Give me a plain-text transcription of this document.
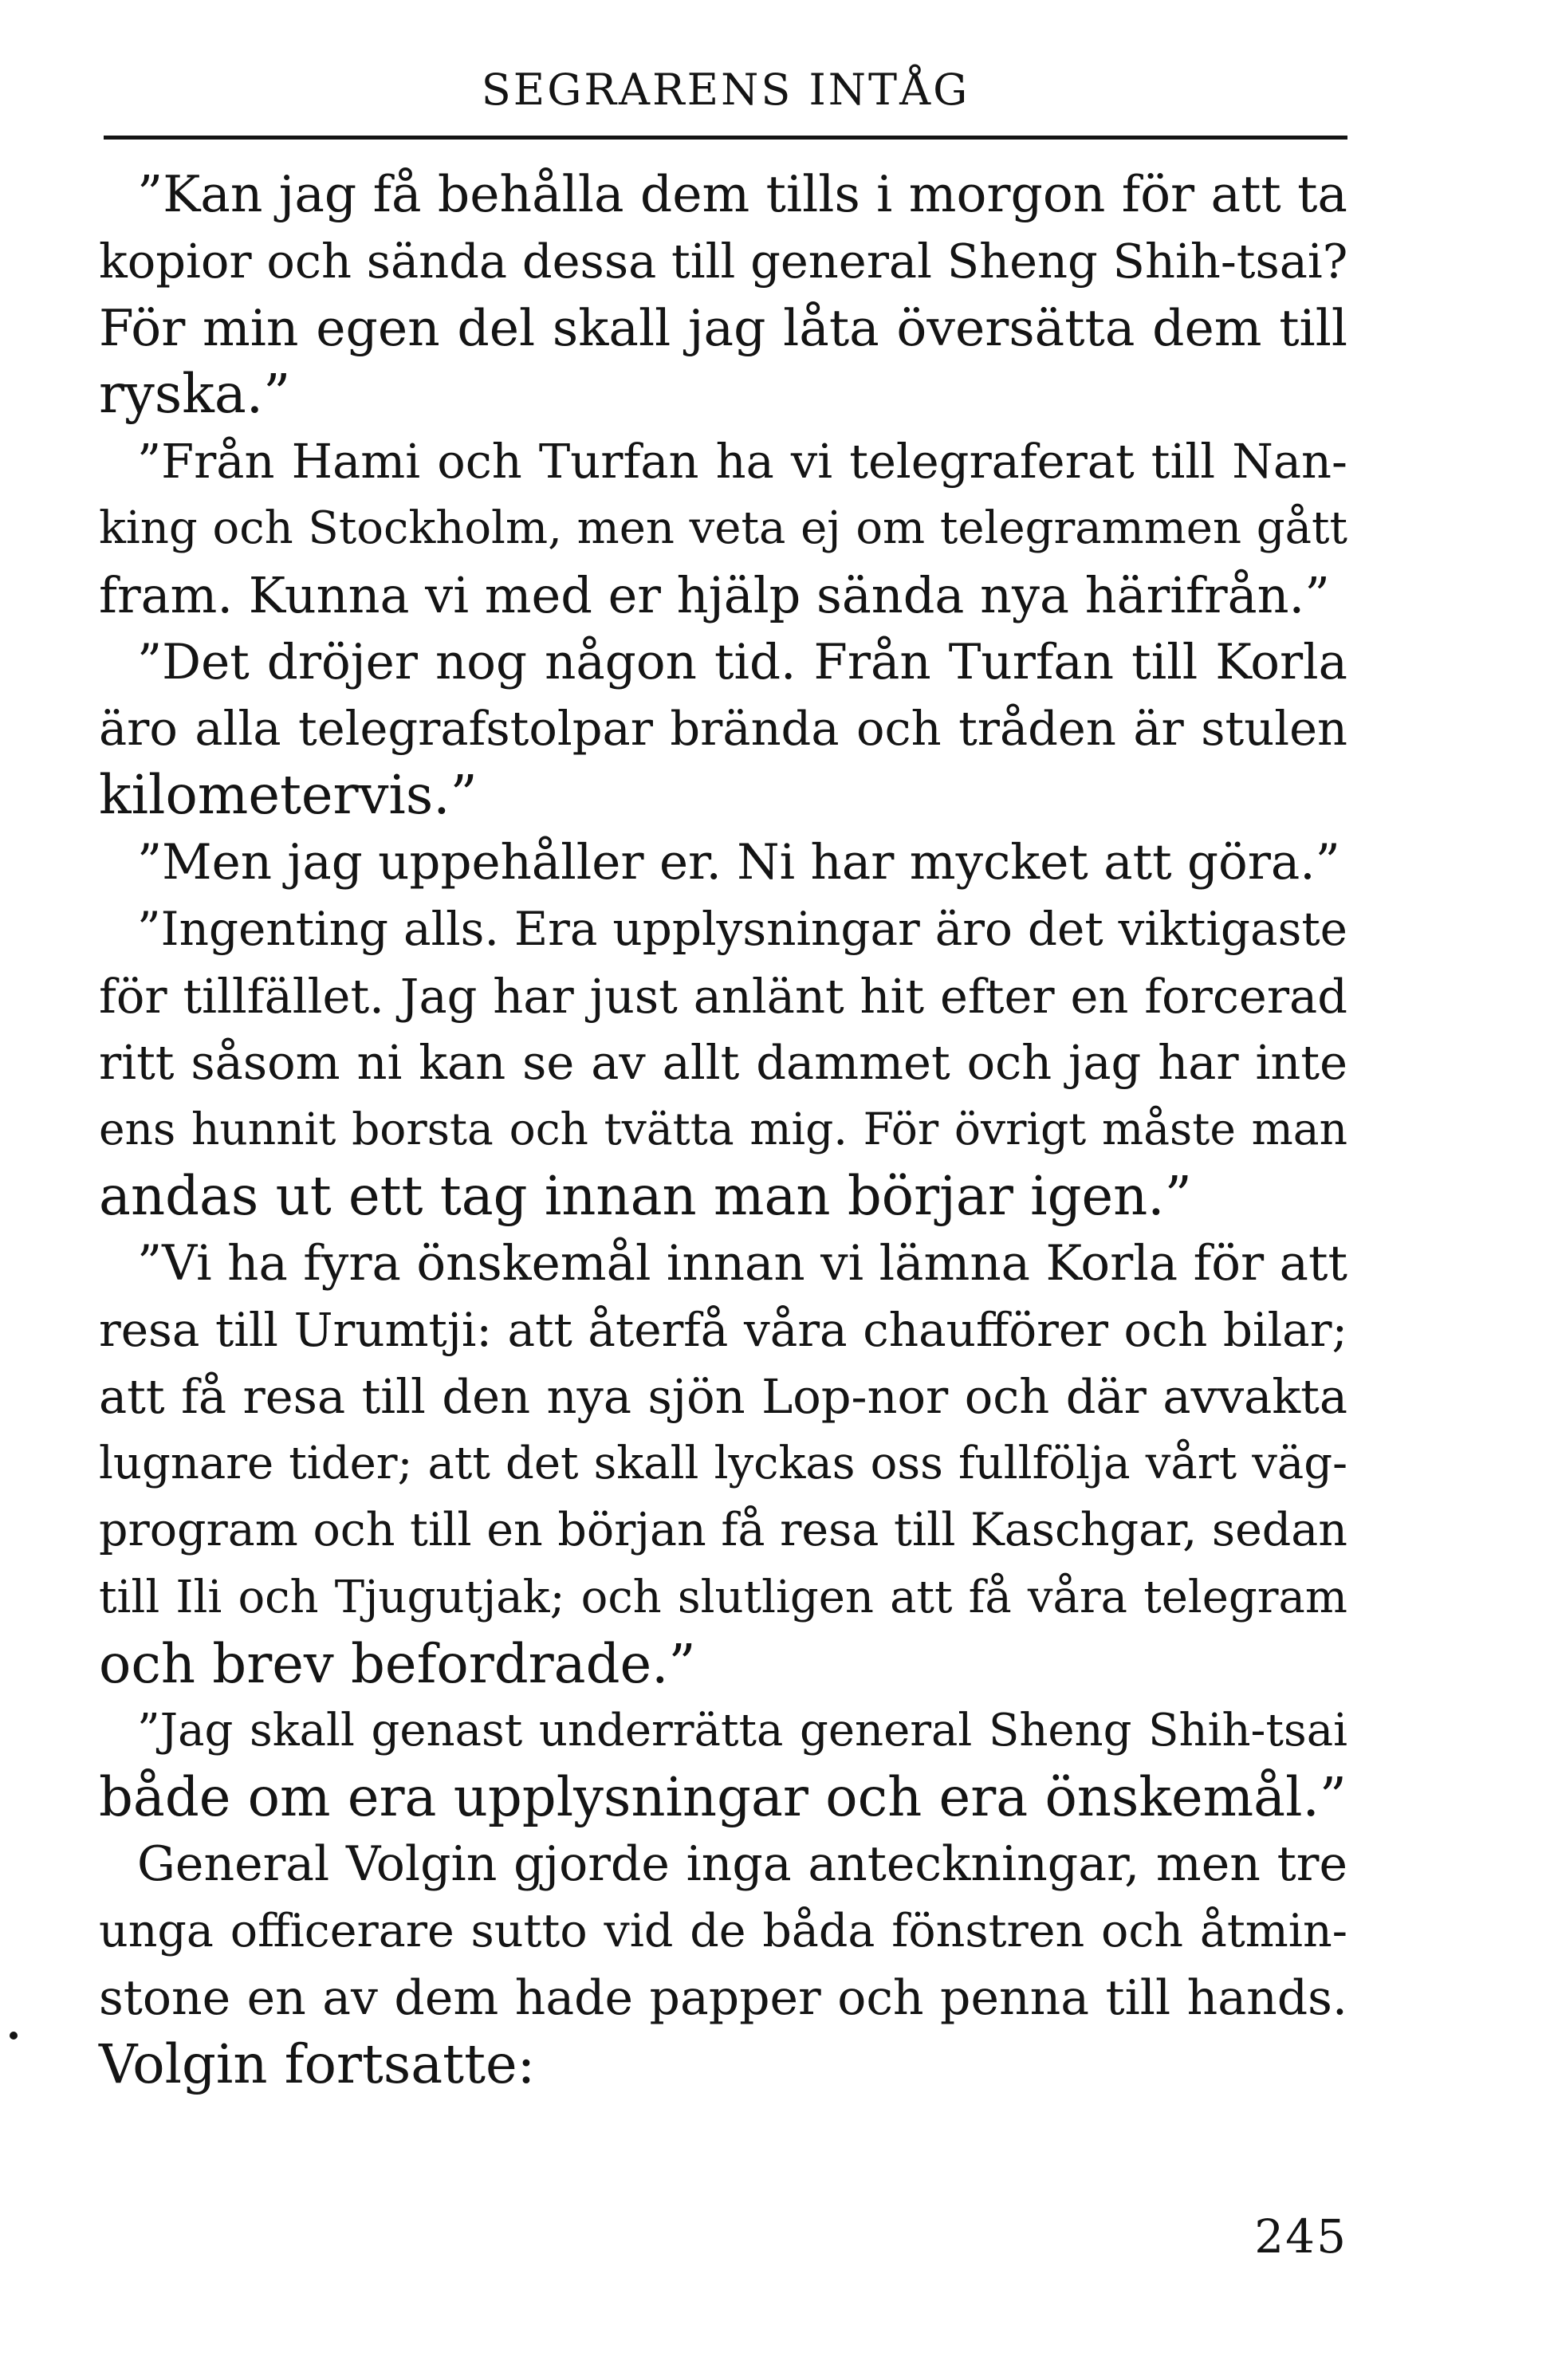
SEGRARENS INTÅG
”Kan jag få behålla dem tills i morgon för att ta
kopior och sända dessa till general Sheng Shih-tsai?
För min egen del skall jag låta översätta dem till
ryska.”
”Från Hami och Turfan ha vi telegraferat till Nan-
king och Stockholm, men veta ej om telegrammen gått
fram. Kunna vi med er hjälp sända nya härifrån.”
”Det dröjer nog någon tid. Från Turfan till Korla
äro alla telegrafstolpar brända och tråden är stulen
kilometervis.”
”Men jag uppehåller er. Ni har mycket att göra.”
”Ingenting alls. Era upplysningar äro det viktigaste
för tillfället. Jag har just anlänt hit efter en forcerad
ritt såsom ni kan se av allt dammet och jag har inte
ens hunnit borsta och tvätta mig. För övrigt måste man
andas ut ett tag innan man börjar igen.”
”Vi ha fyra önskemål innan vi lämna Korla för att
resa till Urumtji: att återfå våra chaufförer och bilar;
att få resa till den nya sjön Lop-nor och där avvakta
lugnare tider; att det skall lyckas oss fullfölja vårt väg-
program och till en början få resa till Kaschgar, sedan
till Ili och Tjugutjak; och slutligen att få våra telegram
och brev befordrade.”
”Jag skall genast underrätta general Sheng Shih-tsai
både om era upplysningar och era önskemål.”
General Volgin gjorde inga anteckningar, men tre
unga officerare sutto vid de båda fönstren och åtmin-
stone en av dem hade papper och penna till hands.
Volgin fortsatte:
245
